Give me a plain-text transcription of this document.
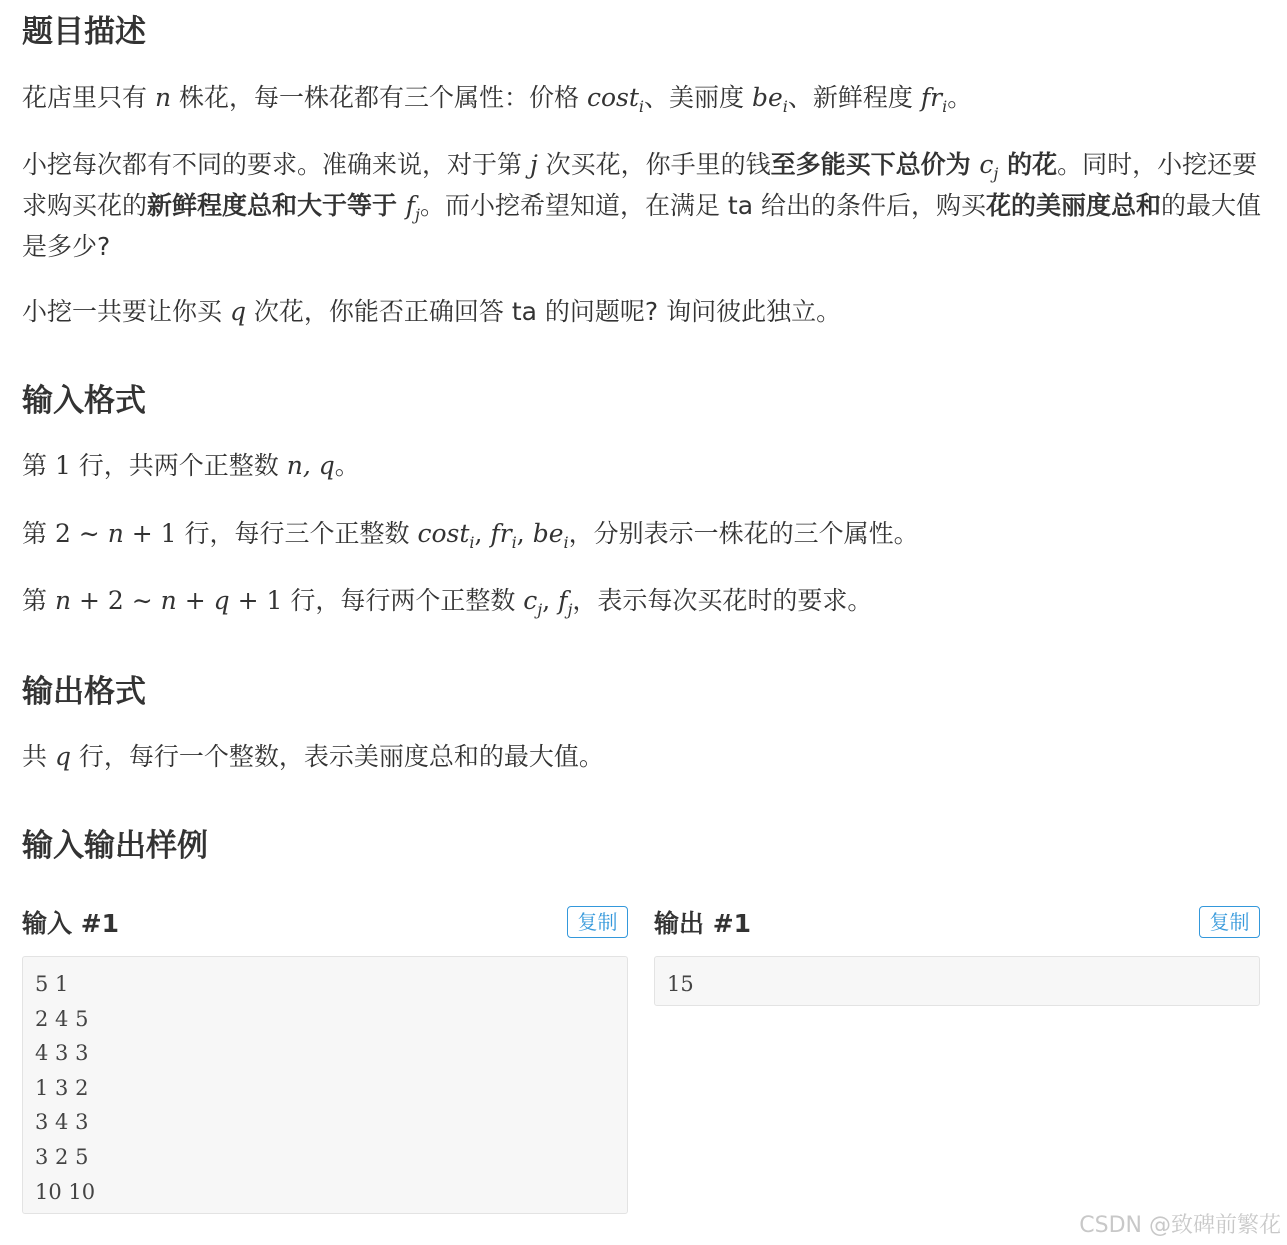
题目描述

花店里只有 n 株花，每一株花都有三个属性：价格 cost$_i$、美丽度 $be_i$、新鲜程度 $fr_i$。

小挖每次都有不同的要求。准确来说，对于第 j 次买花，你手里的钱至多能买下总价为 $c_j$ 的花。同时，小挖还要求购买花的新鲜程度总和大于等于 $f_j$。而小挖希望知道，在满足 ta 给出的条件后，购买花的美丽度总和的最大值是多少?

小挖一共要让你买 q 次花，你能否正确回答 ta 的问题呢? 询问彼此独立。

输入格式

第 1 行，共两个正整数 n, q。

第 2 ∼ n + 1 行，每行三个正整数 cost$_i$, $fr_i$, $be_i$，分别表示一株花的三个属性。

第 n + 2 ∼ n + q + 1 行，每行两个正整数 $c_j$, $f_j$，表示每次买花时的要求。

输出格式

共 q 行，每行一个整数，表示美丽度总和的最大值。

输入输出样例
输入 #1	复制
5 1
2 4 5
4 3 3
1 3 2
3 4 3
3 2 5
10 10
输出 #1	复制
15
CSDN @致碑前繁花
